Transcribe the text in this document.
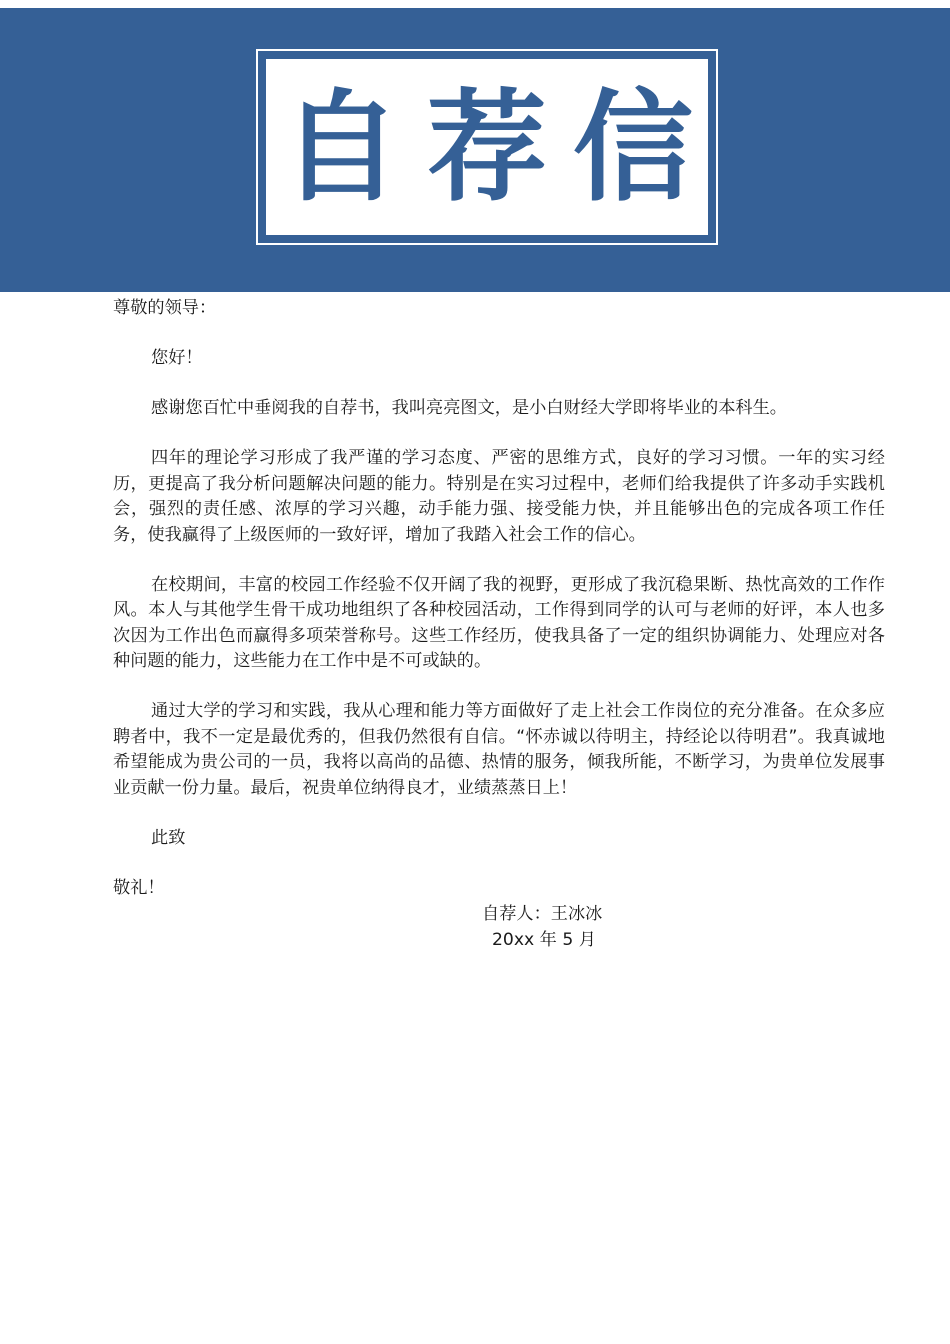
自荐信

尊敬的领导：

您好！

感谢您百忙中垂阅我的自荐书，我叫亮亮图文，是小白财经大学即将毕业的本科生。

四年的理论学习形成了我严谨的学习态度、严密的思维方式，良好的学习习惯。一年的实习经历，更提高了我分析问题解决问题的能力。特别是在实习过程中，老师们给我提供了许多动手实践机会，强烈的责任感、浓厚的学习兴趣，动手能力强、接受能力快，并且能够出色的完成各项工作任务，使我赢得了上级医师的一致好评，增加了我踏入社会工作的信心。

在校期间，丰富的校园工作经验不仅开阔了我的视野，更形成了我沉稳果断、热忱高效的工作作风。本人与其他学生骨干成功地组织了各种校园活动，工作得到同学的认可与老师的好评，本人也多次因为工作出色而赢得多项荣誉称号。这些工作经历，使我具备了一定的组织协调能力、处理应对各种问题的能力，这些能力在工作中是不可或缺的。

通过大学的学习和实践，我从心理和能力等方面做好了走上社会工作岗位的充分准备。在众多应聘者中，我不一定是最优秀的，但我仍然很有自信。“怀赤诚以待明主，持经论以待明君”。我真诚地希望能成为贵公司的一员，我将以高尚的品德、热情的服务，倾我所能，不断学习，为贵单位发展事业贡献一份力量。最后，祝贵单位纳得良才，业绩蒸蒸日上！

此致

敬礼！

自荐人：王冰冰
20xx 年 5 月
